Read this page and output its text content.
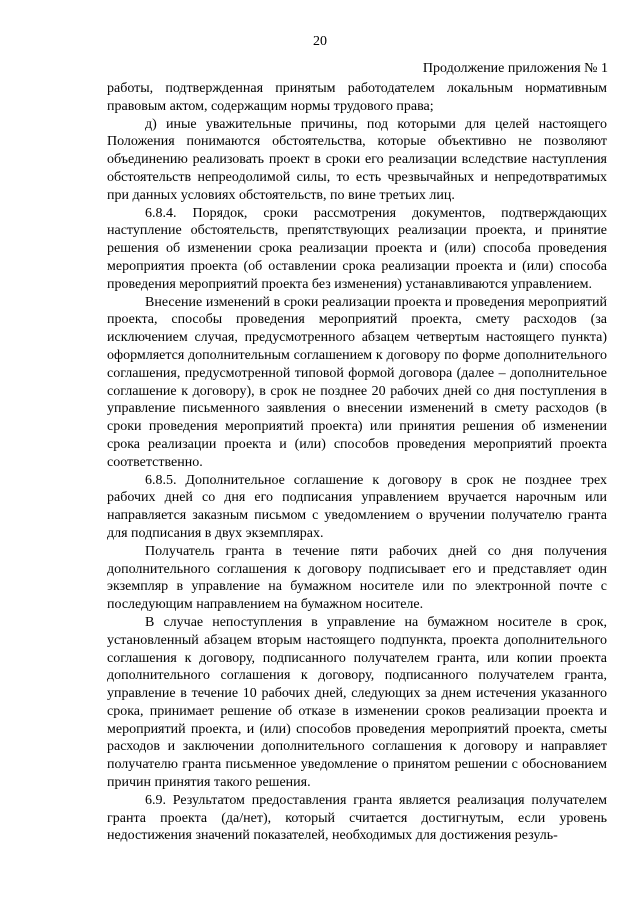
20
Продолжение приложения № 1

работы, подтвержденная принятым работодателем локальным нормативным правовым актом, содержащим нормы трудового права;

д) иные уважительные причины, под которыми для целей настоящего Положения понимаются обстоятельства, которые объективно не позволяют объединению реализовать проект в сроки его реализации вследствие наступления обстоятельств непреодолимой силы, то есть чрезвычайных и непредотвратимых при данных условиях обстоятельств, по вине третьих лиц.

6.8.4. Порядок, сроки рассмотрения документов, подтверждающих наступление обстоятельств, препятствующих реализации проекта, и принятие решения об изменении срока реализации проекта и (или) способа проведения мероприятия проекта (об оставлении срока реализации проекта и (или) способа проведения мероприятий проекта без изменения) устанавливаются управлением.

Внесение изменений в сроки реализации проекта и проведения мероприятий проекта, способы проведения мероприятий проекта, смету расходов (за исключением случая, предусмотренного абзацем четвертым настоящего пункта) оформляется дополнительным соглашением к договору по форме дополнительного соглашения, предусмотренной типовой формой договора (далее – дополнительное соглашение к договору), в срок не позднее 20 рабочих дней со дня поступления в управление письменного заявления о внесении изменений в смету расходов (в сроки проведения мероприятий проекта) или принятия решения об изменении срока реализации проекта и (или) способов проведения мероприятий проекта соответственно.

6.8.5. Дополнительное соглашение к договору в срок не позднее трех рабочих дней со дня его подписания управлением вручается нарочным или направляется заказным письмом с уведомлением о вручении получателю гранта для подписания в двух экземплярах.

Получатель гранта в течение пяти рабочих дней со дня получения дополнительного соглашения к договору подписывает его и представляет один экземпляр в управление на бумажном носителе или по электронной почте с последующим направлением на бумажном носителе.

В случае непоступления в управление на бумажном носителе в срок, установленный абзацем вторым настоящего подпункта, проекта дополнительного соглашения к договору, подписанного получателем гранта, или копии проекта дополнительного соглашения к договору, подписанного получателем гранта, управление в течение 10 рабочих дней, следующих за днем истечения указанного срока, принимает решение об отказе в изменении сроков реализации проекта и мероприятий проекта, и (или) способов проведения мероприятий проекта, сметы расходов и заключении дополнительного соглашения к договору и направляет получателю гранта письменное уведомление о принятом решении с обоснованием причин принятия такого решения.

6.9. Результатом предоставления гранта является реализация получателем гранта проекта (да/нет), который считается достигнутым, если уровень недостижения значений показателей, необходимых для достижения резуль-
